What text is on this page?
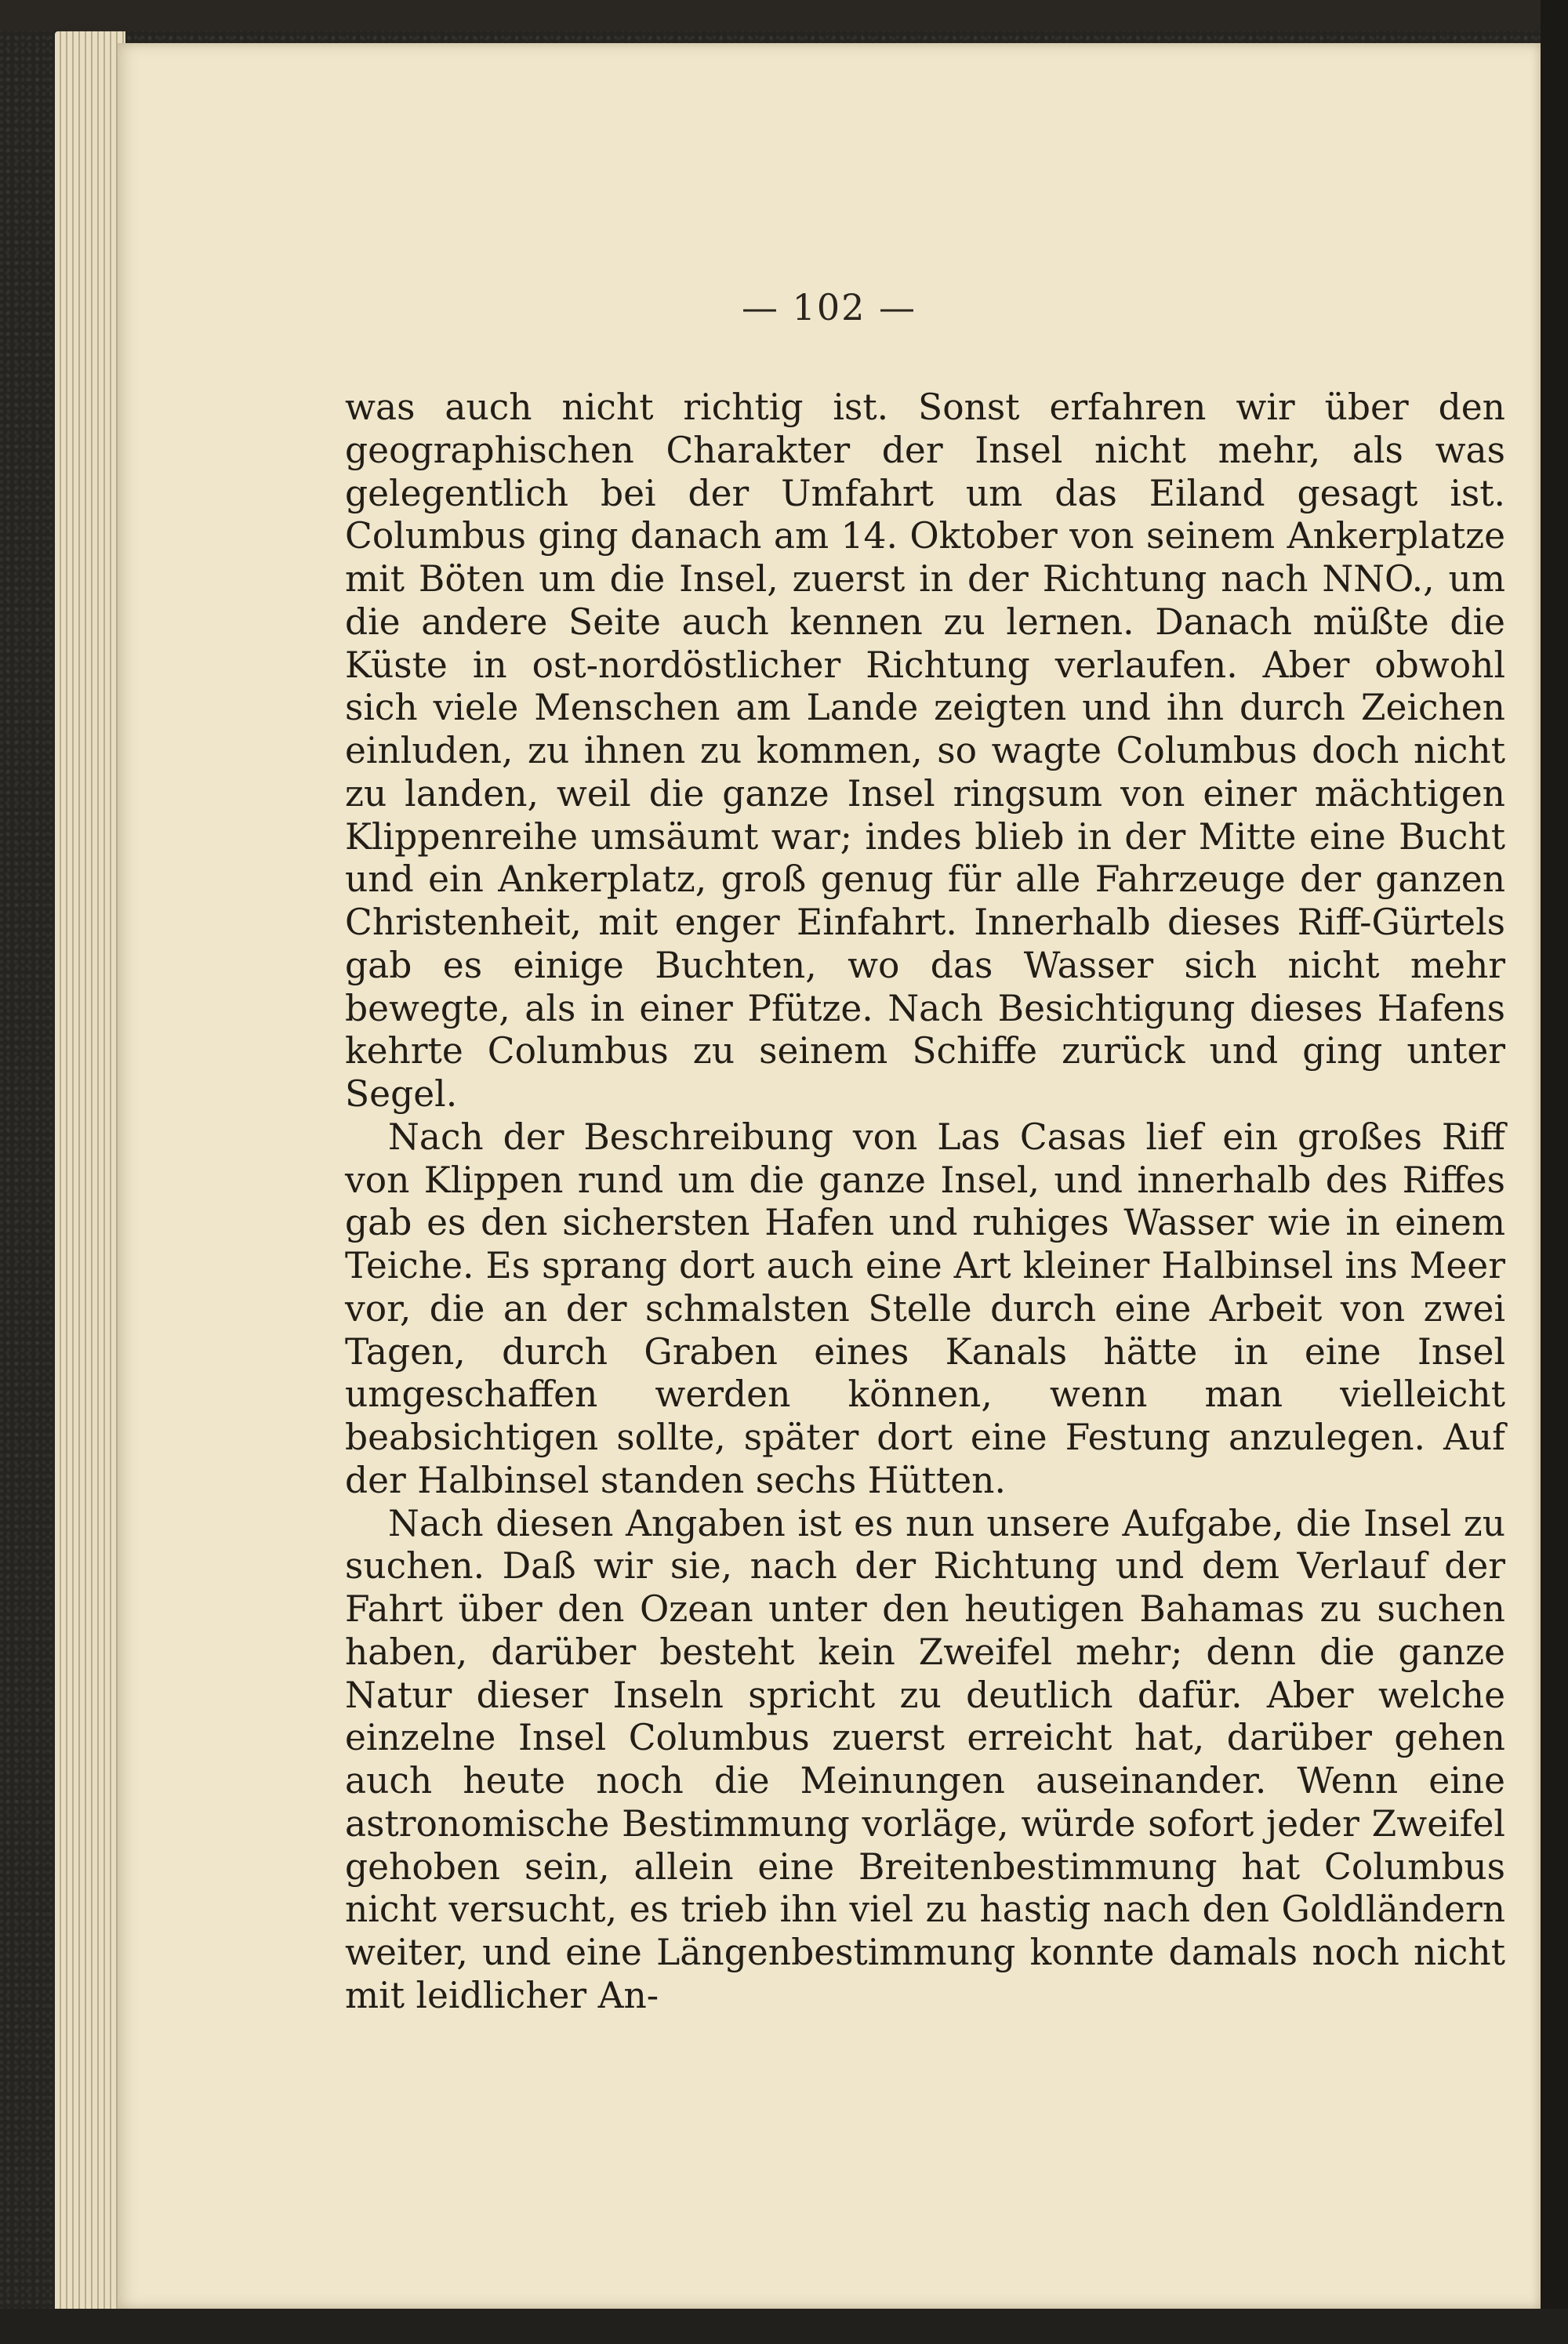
— 102 —

was auch nicht richtig ist. Sonst erfahren wir über den geographischen Charakter der Insel nicht mehr, als was gelegentlich bei der Umfahrt um das Eiland gesagt ist. Columbus ging danach am 14. Oktober von seinem Ankerplatze mit Böten um die Insel, zuerst in der Richtung nach NNO., um die andere Seite auch kennen zu lernen. Danach müßte die Küste in ost-nordöstlicher Richtung verlaufen. Aber obwohl sich viele Menschen am Lande zeigten und ihn durch Zeichen einluden, zu ihnen zu kommen, so wagte Columbus doch nicht zu landen, weil die ganze Insel ringsum von einer mächtigen Klippenreihe umsäumt war; indes blieb in der Mitte eine Bucht und ein Ankerplatz, groß genug für alle Fahrzeuge der ganzen Christenheit, mit enger Einfahrt. Innerhalb dieses Riff-Gürtels gab es einige Buchten, wo das Wasser sich nicht mehr bewegte, als in einer Pfütze. Nach Besichtigung dieses Hafens kehrte Columbus zu seinem Schiffe zurück und ging unter Segel.

Nach der Beschreibung von Las Casas lief ein großes Riff von Klippen rund um die ganze Insel, und innerhalb des Riffes gab es den sichersten Hafen und ruhiges Wasser wie in einem Teiche. Es sprang dort auch eine Art kleiner Halbinsel ins Meer vor, die an der schmalsten Stelle durch eine Arbeit von zwei Tagen, durch Graben eines Kanals hätte in eine Insel umgeschaffen werden können, wenn man vielleicht beabsichtigen sollte, später dort eine Festung anzulegen. Auf der Halbinsel standen sechs Hütten.

Nach diesen Angaben ist es nun unsere Aufgabe, die Insel zu suchen. Daß wir sie, nach der Richtung und dem Verlauf der Fahrt über den Ozean unter den heutigen Bahamas zu suchen haben, darüber besteht kein Zweifel mehr; denn die ganze Natur dieser Inseln spricht zu deutlich dafür. Aber welche einzelne Insel Columbus zuerst erreicht hat, darüber gehen auch heute noch die Meinungen auseinander. Wenn eine astronomische Bestimmung vorläge, würde sofort jeder Zweifel gehoben sein, allein eine Breitenbestimmung hat Columbus nicht versucht, es trieb ihn viel zu hastig nach den Goldländern weiter, und eine Längenbestimmung konnte damals noch nicht mit leidlicher An-
